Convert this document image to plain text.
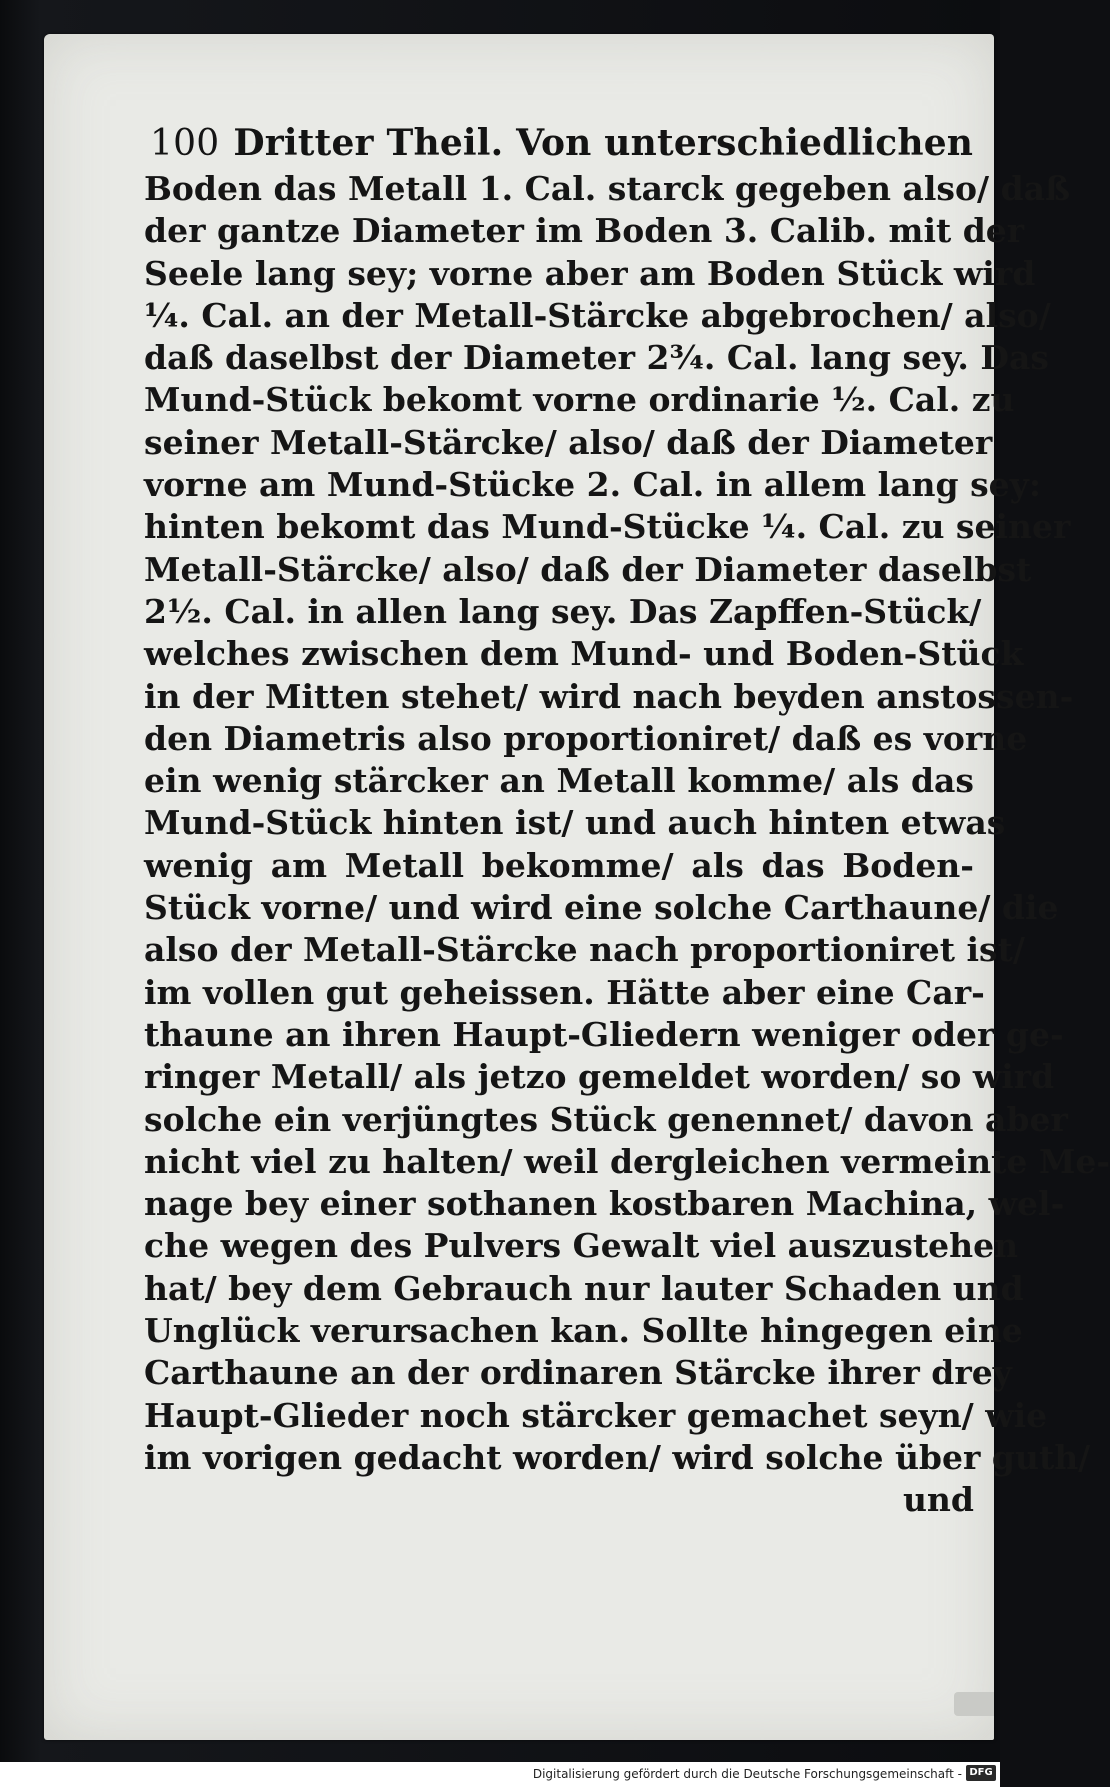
100 Dritter Theil. Von unterschiedlichen
Boden das Metall 1. Cal. starck gegeben also/ daß
der gantze Diameter im Boden 3. Calib. mit der
Seele lang sey; vorne aber am Boden Stück wird
¼. Cal. an der Metall-Stärcke abgebrochen/ also/
daß daselbst der Diameter 2¾. Cal. lang sey. Das
Mund-Stück bekomt vorne ordinarie ½. Cal. zu
seiner Metall-Stärcke/ also/ daß der Diameter
vorne am Mund-Stücke 2. Cal. in allem lang sey:
hinten bekomt das Mund-Stücke ¼. Cal. zu seiner
Metall-Stärcke/ also/ daß der Diameter daselbst
2½. Cal. in allen lang sey. Das Zapffen-Stück/
welches zwischen dem Mund- und Boden-Stück
in der Mitten stehet/ wird nach beyden anstossen-
den Diametris also proportioniret/ daß es vorne
ein wenig stärcker an Metall komme/ als das
Mund-Stück hinten ist/ und auch hinten etwas
wenig am Metall bekomme/ als das Boden-
Stück vorne/ und wird eine solche Carthaune/ die
also der Metall-Stärcke nach proportioniret ist/
im vollen gut geheissen. Hätte aber eine Car-
thaune an ihren Haupt-Gliedern weniger oder ge-
ringer Metall/ als jetzo gemeldet worden/ so wird
solche ein verjüngtes Stück genennet/ davon aber
nicht viel zu halten/ weil dergleichen vermeinte Me-
nage bey einer sothanen kostbaren Machina, wel-
che wegen des Pulvers Gewalt viel auszustehen
hat/ bey dem Gebrauch nur lauter Schaden und
Unglück verursachen kan. Sollte hingegen eine
Carthaune an der ordinaren Stärcke ihrer drey
Haupt-Glieder noch stärcker gemachet seyn/ wie
im vorigen gedacht worden/ wird solche über guth/
und
Digitalisierung gefördert durch die Deutsche Forschungsgemeinschaft - DFG
